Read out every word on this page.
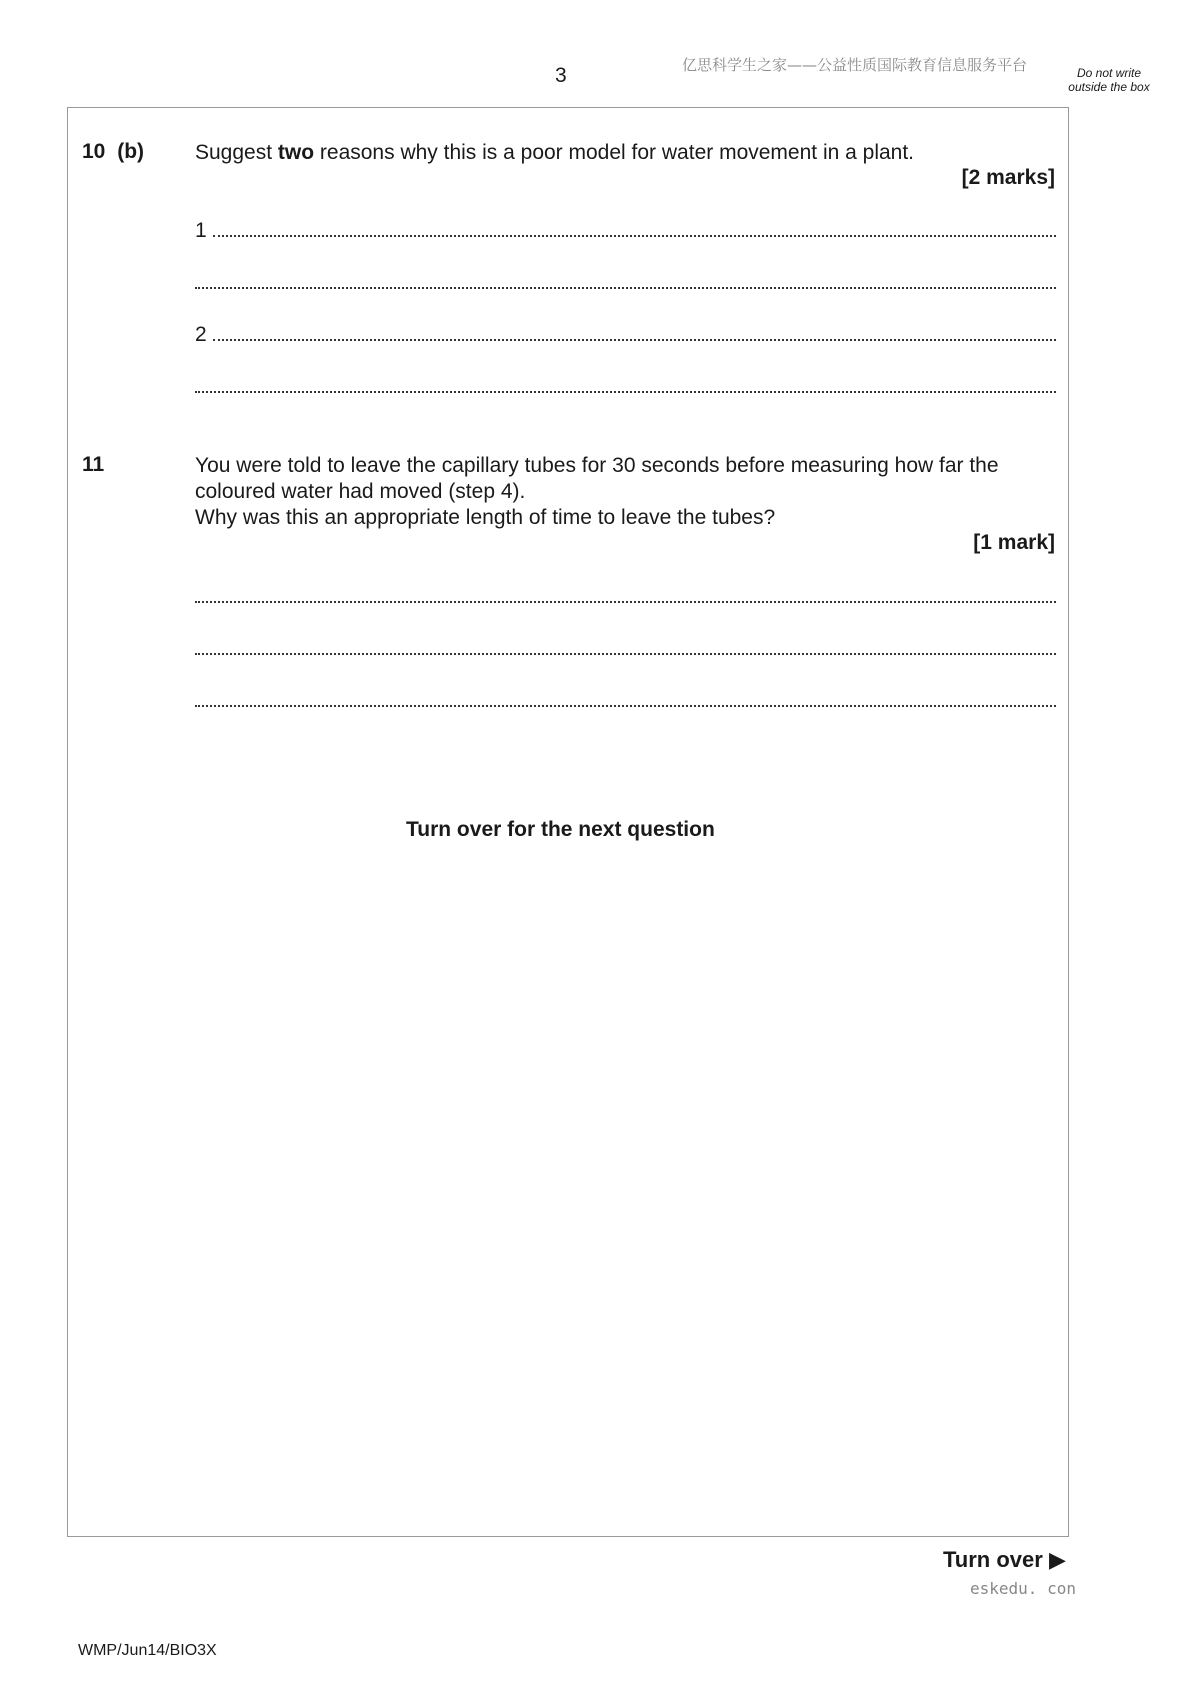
3	亿思科学生之家——公益性质国际教育信息服务平台	Do not write outside the box
10 (b) Suggest two reasons why this is a poor model for water movement in a plant.
[2 marks]
1
2
11	You were told to leave the capillary tubes for 30 seconds before measuring how far the
coloured water had moved (step 4).
Why was this an appropriate length of time to leave the tubes?
[1 mark]
Turn over for the next question
Turn over ▶
eskedu. con
WMP/Jun14/BIO3X
